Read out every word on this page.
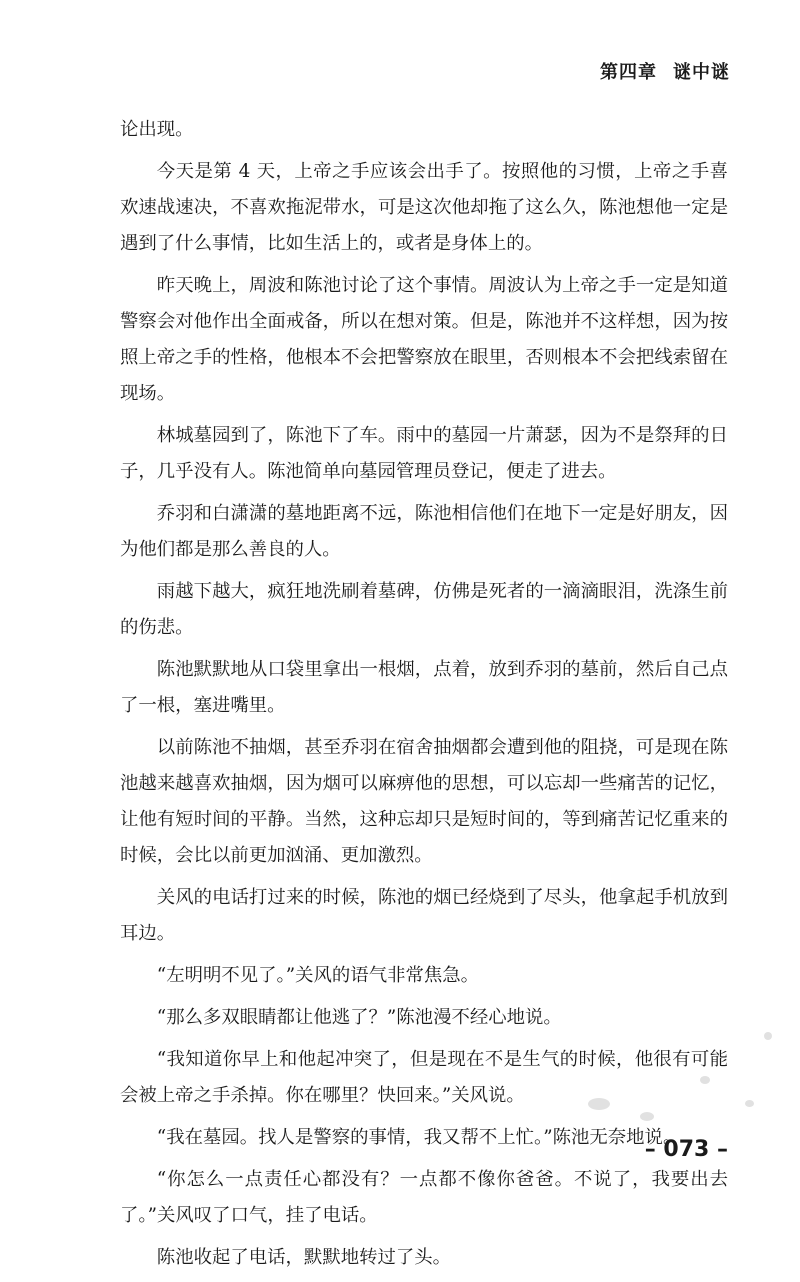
第四章 谜中谜

论出现。

今天是第 4 天，上帝之手应该会出手了。按照他的习惯，上帝之手喜欢速战速决，不喜欢拖泥带水，可是这次他却拖了这么久，陈池想他一定是遇到了什么事情，比如生活上的，或者是身体上的。

昨天晚上，周波和陈池讨论了这个事情。周波认为上帝之手一定是知道警察会对他作出全面戒备，所以在想对策。但是，陈池并不这样想，因为按照上帝之手的性格，他根本不会把警察放在眼里，否则根本不会把线索留在现场。

林城墓园到了，陈池下了车。雨中的墓园一片萧瑟，因为不是祭拜的日子，几乎没有人。陈池简单向墓园管理员登记，便走了进去。

乔羽和白潇潇的墓地距离不远，陈池相信他们在地下一定是好朋友，因为他们都是那么善良的人。

雨越下越大，疯狂地洗刷着墓碑，仿佛是死者的一滴滴眼泪，洗涤生前的伤悲。

陈池默默地从口袋里拿出一根烟，点着，放到乔羽的墓前，然后自己点了一根，塞进嘴里。

以前陈池不抽烟，甚至乔羽在宿舍抽烟都会遭到他的阻挠，可是现在陈池越来越喜欢抽烟，因为烟可以麻痹他的思想，可以忘却一些痛苦的记忆，让他有短时间的平静。当然，这种忘却只是短时间的，等到痛苦记忆重来的时候，会比以前更加汹涌、更加激烈。

关风的电话打过来的时候，陈池的烟已经烧到了尽头，他拿起手机放到耳边。

“左明明不见了。”关风的语气非常焦急。

“那么多双眼睛都让他逃了？”陈池漫不经心地说。

“我知道你早上和他起冲突了，但是现在不是生气的时候，他很有可能会被上帝之手杀掉。你在哪里？快回来。”关风说。

“我在墓园。找人是警察的事情，我又帮不上忙。”陈池无奈地说。

“你怎么一点责任心都没有？一点都不像你爸爸。不说了，我要出去了。”关风叹了口气，挂了电话。

陈池收起了电话，默默地转过了头。

– 073 –
